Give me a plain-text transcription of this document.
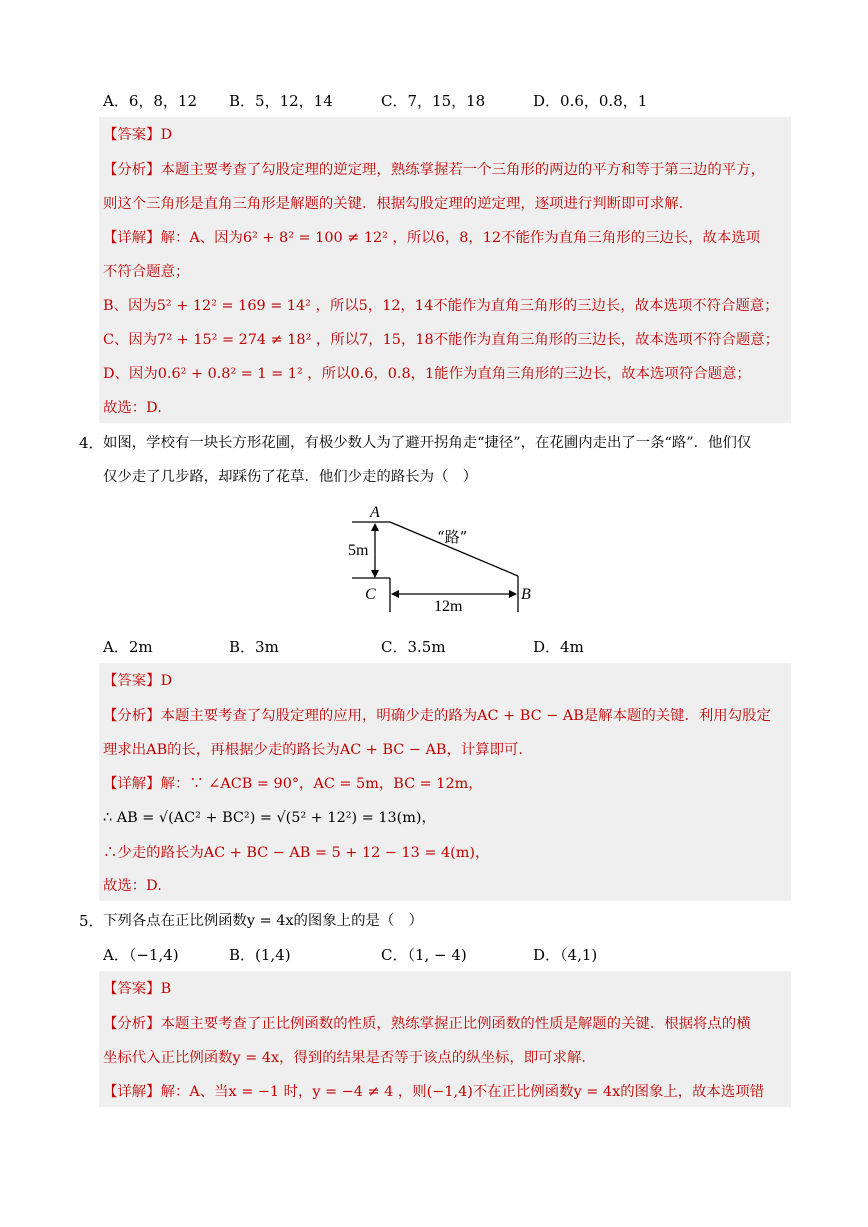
A．6，8，12 B．5，12，14	C．7，15，18	D．0.6，0.8，1
【答案】D
【分析】本题主要考查了勾股定理的逆定理，熟练掌握若一个三角形的两边的平方和等于第三边的平方，
则这个三角形是直角三角形是解题的关键．根据勾股定理的逆定理，逐项进行判断即可求解．
【详解】解：A、因为6² + 8² = 100 ≠ 12² ，所以6，8，12不能作为直角三角形的三边长，故本选项
不符合题意；
B、因为5² + 12² = 169 = 14² ，所以5，12，14不能作为直角三角形的三边长，故本选项不符合题意；
C、因为7² + 15² = 274 ≠ 18² ，所以7，15，18不能作为直角三角形的三边长，故本选项不符合题意；
D、因为0.6² + 0.8² = 1 = 1² ，所以0.6，0.8，1能作为直角三角形的三边长，故本选项符合题意；
故选：D.
4． 如图，学校有一块长方形花圃，有极少数人为了避开拐角走“捷径”，在花圃内走出了一条“路”．他们仅
仅少走了几步路，却踩伤了花草．他们少走的路长为（　）
A
B
C
“路”
5m
12m
A．2m	B．3m	C．3.5m	D．4m
【答案】D
【分析】本题主要考查了勾股定理的应用，明确少走的路为AC + BC − AB是解本题的关键．利用勾股定
理求出AB的长，再根据少走的路长为AC + BC − AB，计算即可．
【详解】解：∵ ∠ACB = 90°，AC = 5m，BC = 12m，
∴ AB = √(AC² + BC²) = √(5² + 12²) = 13(m)，
∴少走的路长为AC + BC − AB = 5 + 12 − 13 = 4(m)，
故选：D.
5． 下列各点在正比例函数y = 4x的图象上的是（　）
A．（−1,4)	B．(1,4)	C．（1, − 4)	D．（4,1)
【答案】B
【分析】本题主要考查了正比例函数的性质，熟练掌握正比例函数的性质是解题的关键．根据将点的横
坐标代入正比例函数y = 4x，得到的结果是否等于该点的纵坐标，即可求解．
【详解】解：A、当x = −1 时，y = −4 ≠ 4 ，则(−1,4)不在正比例函数y = 4x的图象上，故本选项错
